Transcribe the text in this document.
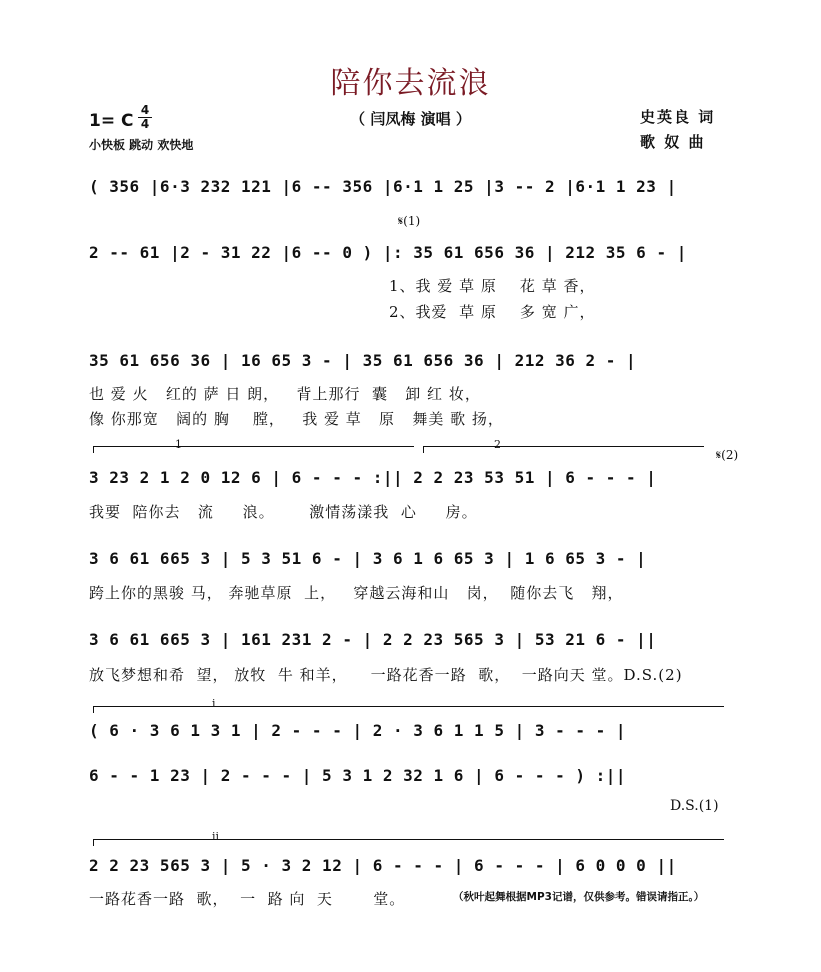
陪你去流浪
（ 闫凤梅 演唱 ）
1= C
4
4
小快板 跳动 欢快地
史英良 词
歌 奴 曲
( 356 |6·3 232 121 |6 -- 356 |6·1 1 25 |3 -- 2 |6·1 1 23 |
𝄋(1)
2 -- 61 |2 - 31 22 |6 -- 0 ) |: 35 61 656 36 | 212 35 6 - |
1、我 爱 草 原    花 草 香，
2、我爱  草 原    多 宽 广，
35 61 656 36 | 16 65 3 - | 35 61 656 36 | 212 36 2 - |
也 爱 火   红的 萨 日 朗，   背上那行  囊   卸 红 妆，
像 你那宽   阔的 胸    膛，   我 爱 草   原   舞美 歌 扬，
1	2
𝄋(2)
3 23 2 1 2 0 12 6 | 6 - - - :|| 2 2 23 53 51 | 6 - - - |
我要  陪你去   流     浪。      激情荡漾我  心     房。
3 6 61 665 3 | 5 3 51 6 - | 3 6 1 6 65 3 | 1 6 65 3 - |
跨上你的黑骏 马， 奔驰草原  上，   穿越云海和山   岗，  随你去飞   翔，
3 6 61 665 3 | 161 231 2 - | 2 2 23 565 3 | 53 21 6 - ||
放飞梦想和希  望， 放牧  牛 和羊，    一路花香一路  歌，  一路向天 堂。D.S.(2)
i
( 6 · 3 6 1 3 1 | 2 - - - | 2 · 3 6 1 1 5 | 3 - - - |
6 - - 1 23 | 2 - - - | 5 3 1 2 32 1 6 | 6 - - - ) :||
D.S.(1)
ii
2 2 23 565 3 | 5 · 3 2 12 | 6 - - - | 6 - - - | 6 0 0 0 ||
一路花香一路  歌，  一  路 向  天       堂。	（秋叶起舞根据MP3记谱，仅供参考。错误请指正。）
